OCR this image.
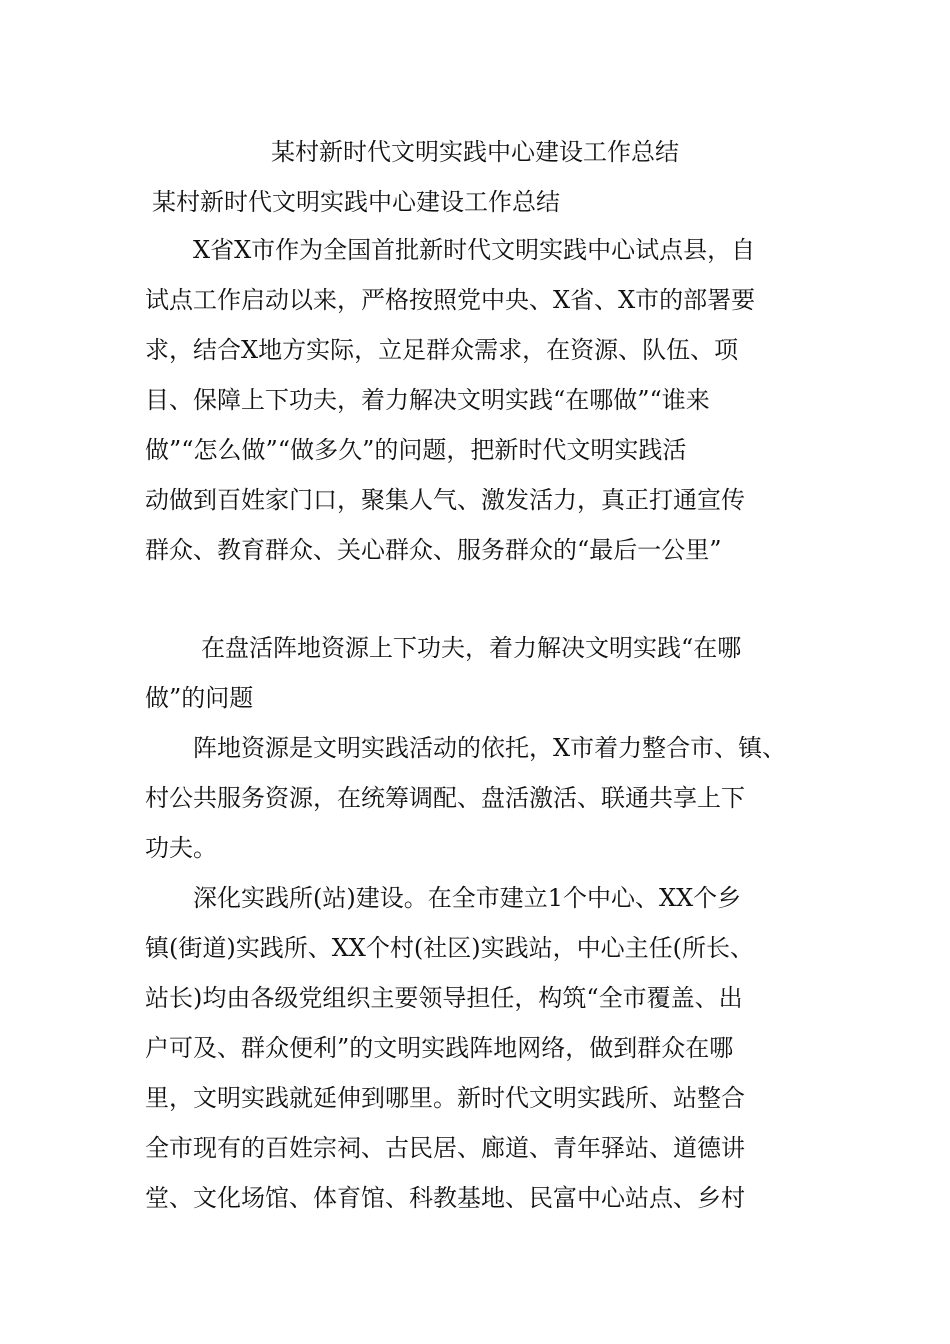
某村新时代文明实践中心建设工作总结
某村新时代文明实践中心建设工作总结
X省X市作为全国首批新时代文明实践中心试点县，自
试点工作启动以来，严格按照党中央、X省、X市的部署要
求，结合X地方实际，立足群众需求，在资源、队伍、项
目、保障上下功夫，着力解决文明实践“在哪做”“谁来
做”“怎么做”“做多久”的问题，把新时代文明实践活
动做到百姓家门口，聚集人气、激发活力，真正打通宣传
群众、教育群众、关心群众、服务群众的“最后一公里”
在盘活阵地资源上下功夫，着力解决文明实践“在哪
做”的问题
阵地资源是文明实践活动的依托，X市着力整合市、镇、
村公共服务资源，在统筹调配、盘活激活、联通共享上下
功夫。
深化实践所(站)建设。在全市建立1个中心、XX个乡
镇(街道)实践所、XX个村(社区)实践站，中心主任(所长、
站长)均由各级党组织主要领导担任，构筑“全市覆盖、出
户可及、群众便利”的文明实践阵地网络，做到群众在哪
里，文明实践就延伸到哪里。新时代文明实践所、站整合
全市现有的百姓宗祠、古民居、廊道、青年驿站、道德讲
堂、文化场馆、体育馆、科教基地、民富中心站点、乡村
